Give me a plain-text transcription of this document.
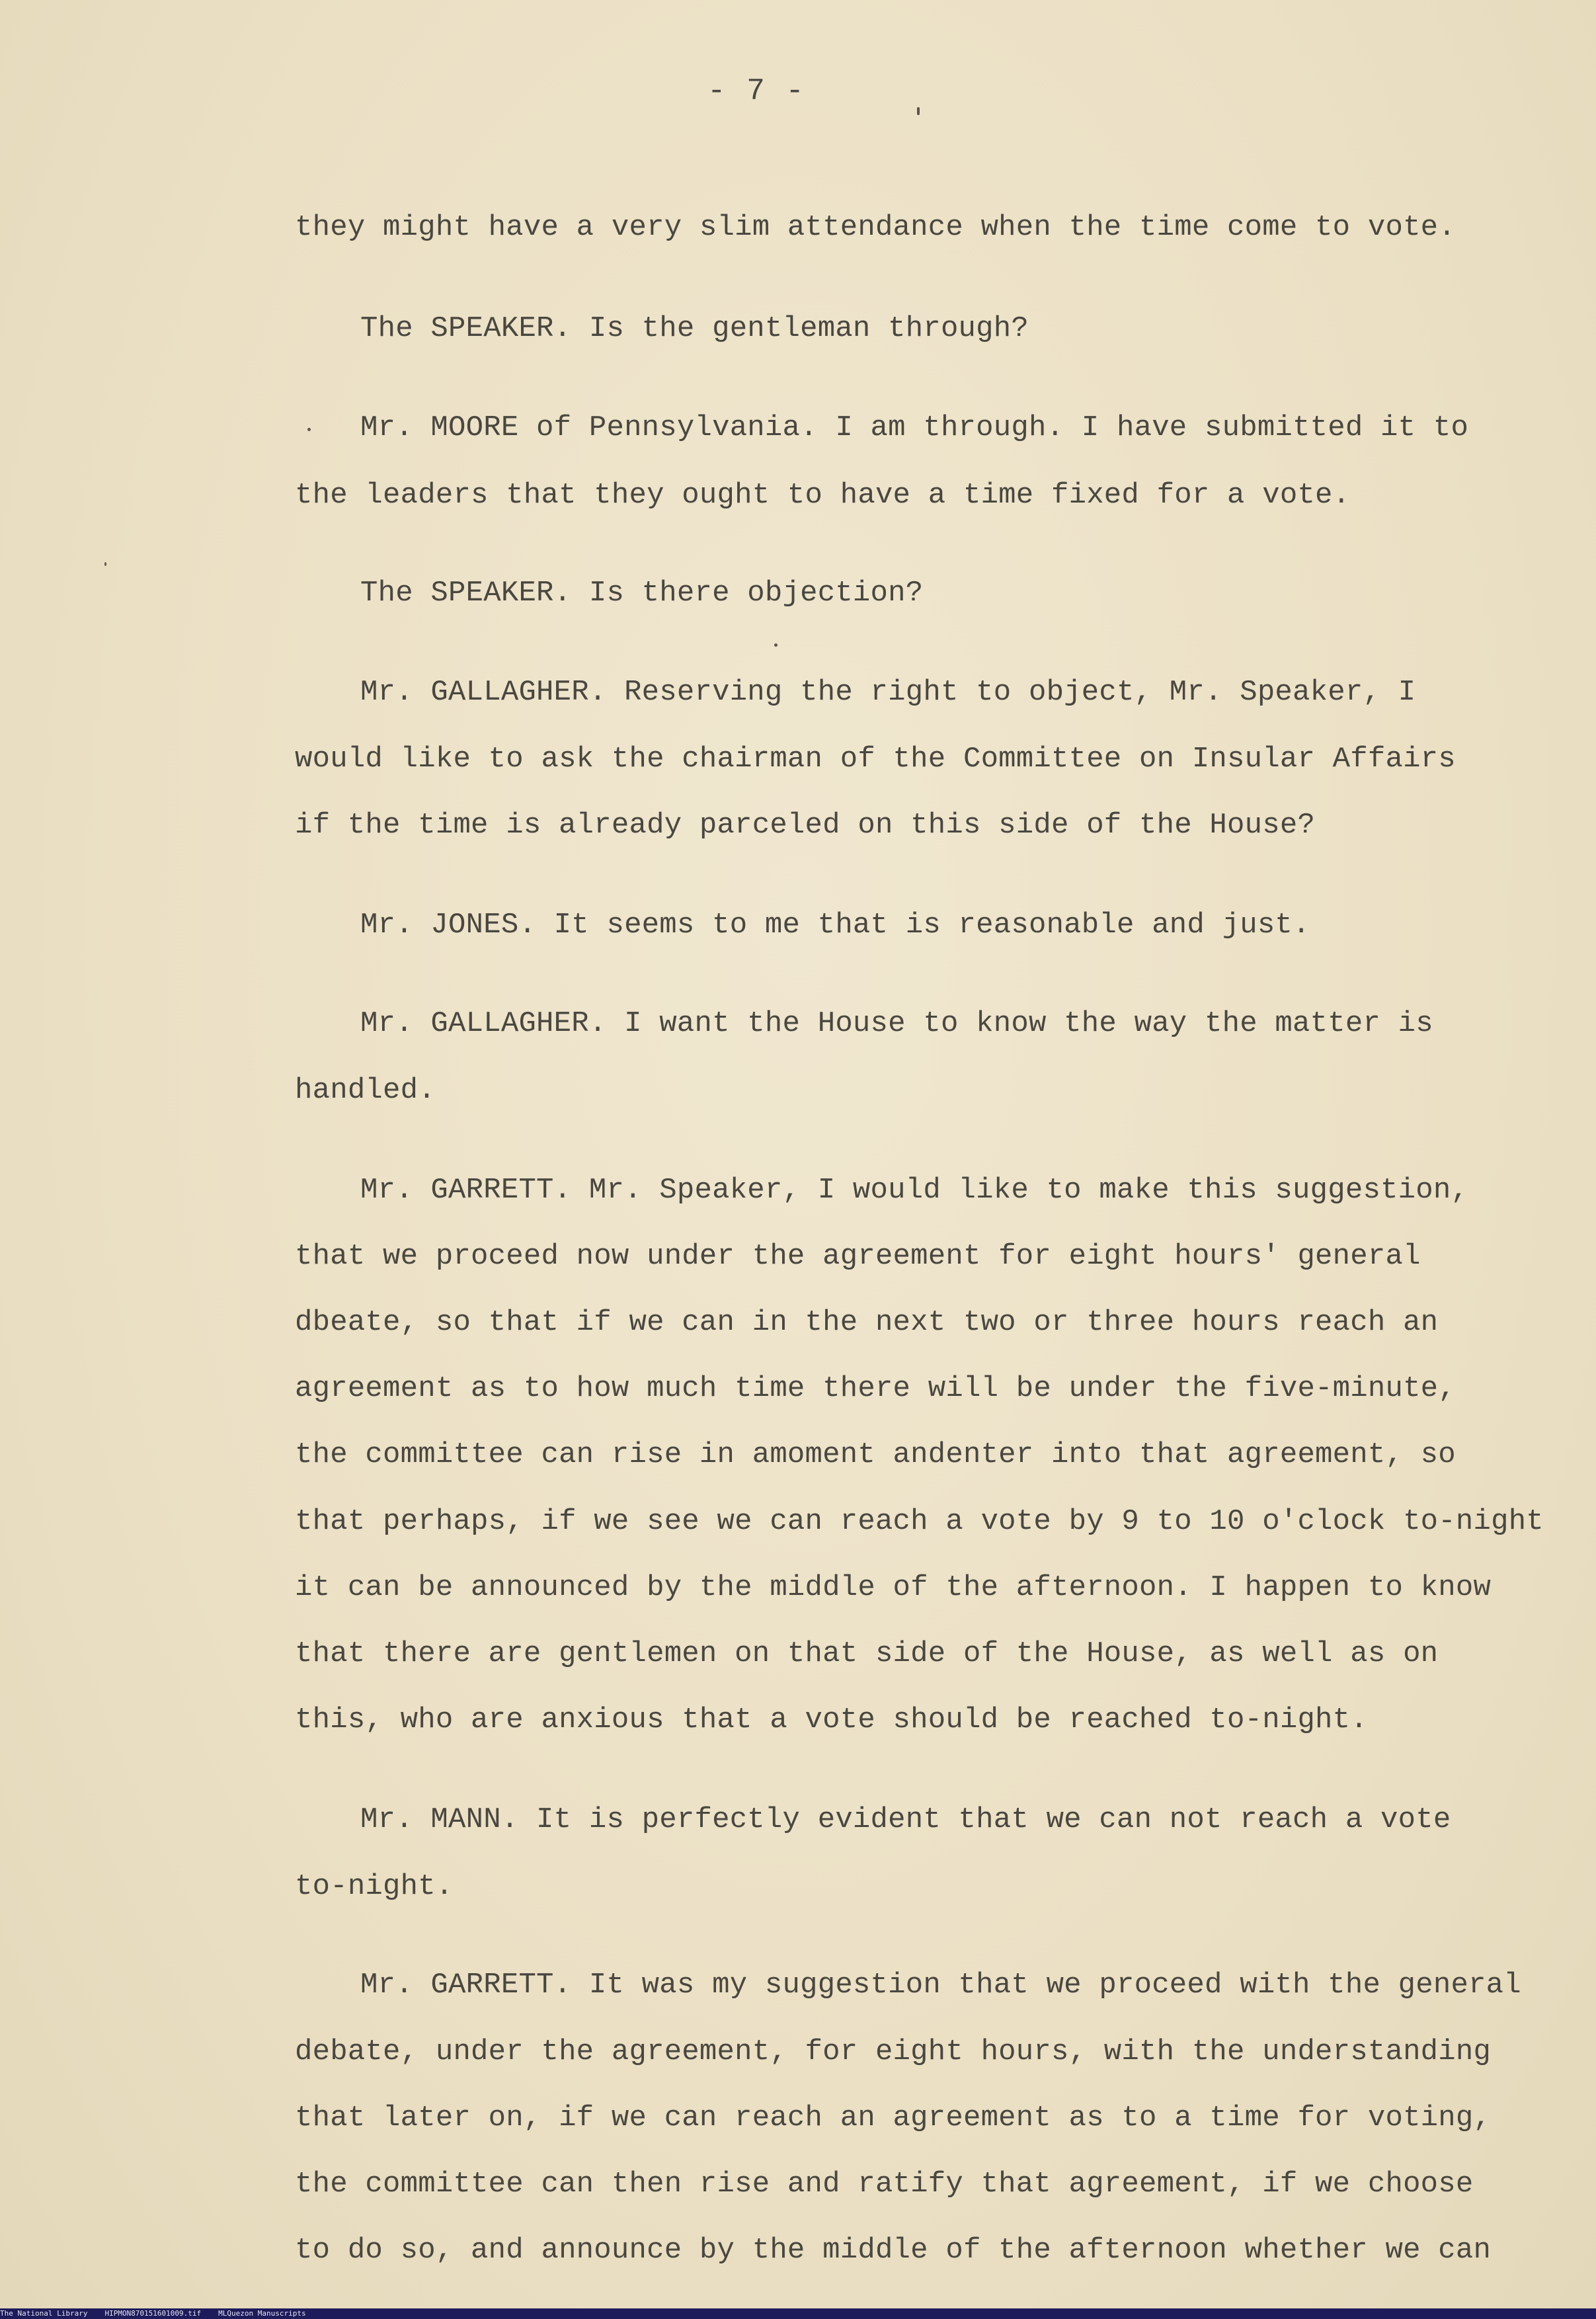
- 7 -
they might have a very slim attendance when the time come to vote.
The SPEAKER. Is the gentleman through?
Mr. MOORE of Pennsylvania. I am through. I have submitted it to
the leaders that they ought to have a time fixed for a vote.
The SPEAKER. Is there objection?
Mr. GALLAGHER. Reserving the right to object, Mr. Speaker, I
would like to ask the chairman of the Committee on Insular Affairs
if the time is already parceled on this side of the House?
Mr. JONES. It seems to me that is reasonable and just.
Mr. GALLAGHER. I want the House to know the way the matter is
handled.
Mr. GARRETT. Mr. Speaker, I would like to make this suggestion,
that we proceed now under the agreement for eight hours' general
dbeate, so that if we can in the next two or three hours reach an
agreement as to how much time there will be under the five-minute,
the committee can rise in amoment andenter into that agreement, so
that perhaps, if we see we can reach a vote by 9 to 10 o'clock to-night
it can be announced by the middle of the afternoon. I happen to know
that there are gentlemen on that side of the House, as well as on
this, who are anxious that a vote should be reached to-night.
Mr. MANN. It is perfectly evident that we can not reach a vote
to-night.
Mr. GARRETT. It was my suggestion that we proceed with the general
debate, under the agreement, for eight hours, with the understanding
that later on, if we can reach an agreement as to a time for voting,
the committee can then rise and ratify that agreement, if we choose
to do so, and announce by the middle of the afternoon whether we can
The National Library HIPMON870151601009.tif MLQuezon Manuscripts
